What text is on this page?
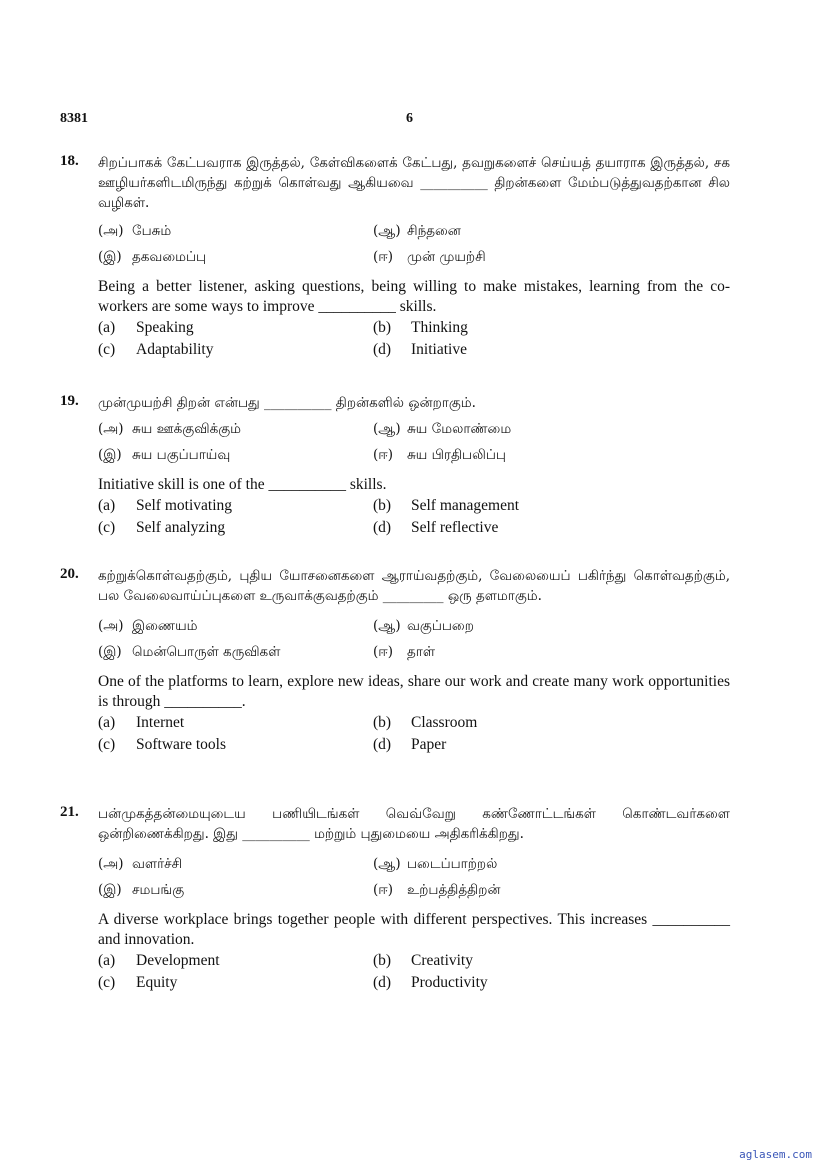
8381	6
18. சிறப்பாகக் கேட்பவராக இருத்தல், கேள்விகளைக் கேட்பது, தவறுகளைச் செய்யத் தயாராக இருத்தல், சக ஊழியர்களிடமிருந்து கற்றுக் கொள்வது ஆகியவை __________ திறன்களை மேம்படுத்துவதற்கான சில வழிகள்.
(அ) பேசும்	(ஆ) சிந்தனை
(இ) தகவமைப்பு	(ஈ) முன் முயற்சி
Being a better listener, asking questions, being willing to make mistakes, learning from the co-workers are some ways to improve __________ skills.
(a) Speaking	(b) Thinking
(c) Adaptability	(d) Initiative
19. முன்முயற்சி திறன் என்பது __________ திறன்களில் ஒன்றாகும்.
(அ) சுய ஊக்குவிக்கும்	(ஆ) சுய மேலாண்மை
(இ) சுய பகுப்பாய்வு	(ஈ) சுய பிரதிபலிப்பு
Initiative skill is one of the __________ skills.
(a) Self motivating	(b) Self management
(c) Self analyzing	(d) Self reflective
20. கற்றுக்கொள்வதற்கும், புதிய யோசனைகளை ஆராய்வதற்கும், வேலையைப் பகிர்ந்து கொள்வதற்கும், பல வேலைவாய்ப்புகளை உருவாக்குவதற்கும் _________ ஒரு தளமாகும்.
(அ) இணையம்	(ஆ) வகுப்பறை
(இ) மென்பொருள் கருவிகள்	(ஈ) தாள்
One of the platforms to learn, explore new ideas, share our work and create many work opportunities is through __________.
(a) Internet	(b) Classroom
(c) Software tools	(d) Paper
21. பன்முகத்தன்மையுடைய பணியிடங்கள் வெவ்வேறு கண்ணோட்டங்கள் கொண்டவர்களை ஒன்றிணைக்கிறது. இது __________ மற்றும் புதுமையை அதிகரிக்கிறது.
(அ) வளர்ச்சி	(ஆ) படைப்பாற்றல்
(இ) சமபங்கு	(ஈ) உற்பத்தித்திறன்
A diverse workplace brings together people with different perspectives. This increases __________ and innovation.
(a) Development	(b) Creativity
(c) Equity	(d) Productivity
aglasem.com
